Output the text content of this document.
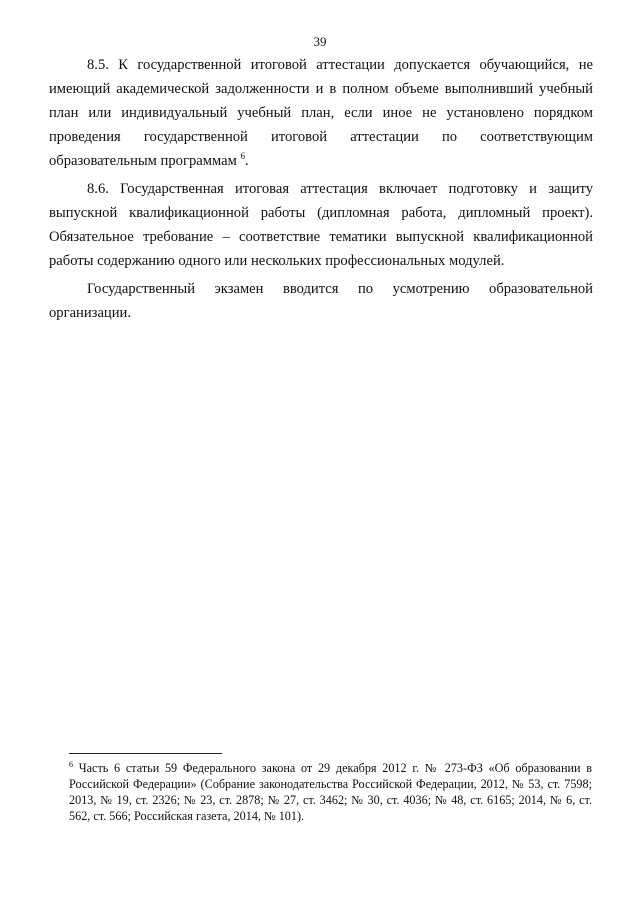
39

8.5. К государственной итоговой аттестации допускается обучающийся, не имеющий академической задолженности и в полном объеме выполнивший учебный план или индивидуальный учебный план, если иное не установлено порядком проведения государственной итоговой аттестации по соответствующим образовательным программам $^6$.

8.6. Государственная итоговая аттестация включает подготовку и защиту выпускной квалификационной работы (дипломная работа, дипломный проект). Обязательное требование – соответствие тематики выпускной квалификационной работы содержанию одного или нескольких профессиональных модулей.

Государственный экзамен вводится по усмотрению образовательной организации.

$^6$ Часть 6 статьи 59 Федерального закона от 29 декабря 2012 г. № 273-ФЗ «Об образовании в Российской Федерации» (Собрание законодательства Российской Федерации, 2012, № 53, ст. 7598; 2013, № 19, ст. 2326; № 23, ст. 2878; № 27, ст. 3462; № 30, ст. 4036; № 48, ст. 6165; 2014, № 6, ст. 562, ст. 566; Российская газета, 2014, № 101).
